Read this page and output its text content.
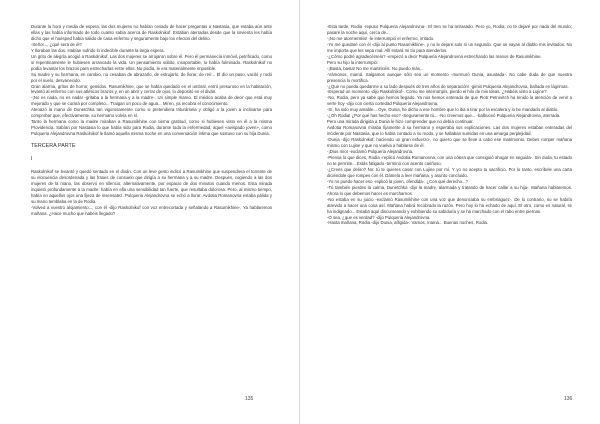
Durante la hora y media de espera, las dos mujeres no habían cesado de hacer preguntas a Nastasia, que estaba aún ante ellas y las había informado de todo cuanto sabía acerca de Raskolnikof. Estaban aterradas desde que la sirvienta les había dicho que el huésped había salido de casa enfermo y seguramente bajo los efectos del delirio.

-Señor..., ¿qué será de él?

Y lloraban las dos. Habían sufrido lo indecible durante la larga espera.

Un grito de alegría acogió a Raskolnikof. Las dos mujeres se arrojaron sobre él. Pero él permanecía inmóvil, petrificado, como si repentinamente le hubiesen arrancado la vida. Un pensamiento súbito, insoportable, lo había fulminado. Raskolnikof no podía levantar los brazos para estrecharlas entre ellos. No podía, le era materialmente imposible.

Su madre y su hermana, en cambio, no cesaban de abrazarlo, de estrujarlo, de llorar, de reír... El dio un paso, vaciló y rodó por el suelo, desvanecido.

Gran alarma, gritos de horror, gemidos. Rasumikhine, que se había quedado en el umbral, entró presuroso en la habitación, levantó al enfermo con sus atléticos brazos y, en un abrir y cerrar de ojos, lo depositó en el diván.

-¡No es nada, no es nada! -gritaba a la hermana y a la madre-. Un simple mareo. El médico acaba de decir que está muy mejorado y que se curará por completo... Traigan un poco de agua... Miren, ya recobra el conocimiento.

Atenazó la mano de Dunetchka tan vigorosamente como si pretendiera triturársela y obligó a la joven a inclinarse para comprobar que, efectivamente, su hermano volvía en sí.

Tanto la hermana como la madre miraban a Rasumikhine con tierna gratitud, como si hubiesen visto en él a la misma Providencia. Sabían por Nastasia lo que había sido para Rodia, durante toda la enfermedad, aquel «avispado joven», como Pulqueria Alejandrovna Raskolnikof le llamó aquella misma noche en una conversación íntima que sostuvo con su hija Dunia.

TERCERA PARTE

I

Raskolnikof se levantó y quedó sentado en el diván. Con un leve gesto indicó a Rasumikhine que suspendiera el torrente de su elocuencia desordenada y las frases de consuelo que dirigía a su hermana y a su madre. Después, cogiendo a las dos mujeres de la mano, las observó en silencio, alternativamente, por espacio de dos minutos cuando menos. Esta mirada inquietó profundamente a la madre: había en ella una sensibilidad tan fuerte, que resultaba dolorosa. Pero, al mismo tiempo, había en aquellos ojos una fijeza de insensatez. Pulqueria Alejandrovna se echó a llorar. Avdotia Romanovna estaba pálida y su mano temblaba en la de Rodia.

-Volved a vuestro alojamiento..., con él -dijo Raskolnikof con voz entrecortada y señalando a Rasumikhine-. Ya hablaremos mañana. ¿Hace mucho que habéis llegado?

135

-Esta tarde, Rodia -repuso Pulqueria Alejandrovna-. El tren se ha retrasado. Pero yo, Rodia: no te dejaré por nada del mundo; pasaré la noche aquí, cerca de...

-¡No me atormentéis! -le interrumpió el enfermo, irritado.

-Yo me quedaré con él -dijo al punto Rasumikhine-, y no le dejaré solo ni un segundo. Que se vayan al diablo mis invitados. No me importa que les sepa mal. Allí estará mi tío para atenderlos.

-¿Cómo podré agradecérselo? -empezó a decir Pulqueria Alejandrovna estrechando las manos de Rasumikhine.

Pero su hijo la interrumpió:

-¡Basta, basta! No me martiricéis. No puedo más...

-Vámonos, mamá. Salgamos aunque sólo sea un momento -murmuró Dunia, asustada-. No cabe duda de que nuestra presencia lo mortifica.

-¿Que no pueda quedarme a su lado después de tres años de separación! -gimió Pulqueria Alejandrovna, bañada en lágrimas.

-Esperad un momento -dijo Raskolnikof-. Como me interrumpís, pierdo el hilo de mis ideas. ¿Habéis visto a Lujine?

-No, Rodia, pero ya sabe que hemos llegado. Ya nos hemos enterado de que Piotr Petrovitch ha tenido la atención de venir a verte hoy -dijo con cierta cortedad Pulqueria Alejandrovna.

-Sí, ha sido muy amable... Oye, Dunia, he dicho a ese hombre que lo iba a tirar por la escalera y lo he mandado al diablo.

-¿Oh Rodia! ¿Por qué has hecho eso? -Seguramente tú... -No creemos que... -balbuceó Pulqueria Alejandrovna, aterrada.

Pero una mirada dirigida a Dunia le hizo comprender que no debía continuar.

Avdotia Romanovna miraba fijamente a su hermano y esperaba sus explicaciones. Las dos mujeres estaban enteradas del incidente por Nastasia, que lo había contado a su modo, y se hallaban sumidas en una amarga perplejidad.

-Dunia -dijo Raskolnikof, haciendo un gran esfuerzo-, no quiero que se lleve a cabo ese matrimonio. Debes romper mañana mismo con Lujine y que no vuelva a hablarse de él.

-¡Dios mío! -exclamó Pulqueria Alejandrovna.

-Piensa lo que dices, Rodia -replicó Avdotia Romanovna, con una cólera que consiguió ahogar en seguida-. Sin duda, tu estado no te permite... Estás fatigado -terminó con acento cariñoso.

-¿Crees que deliro? No: tú te quieres casar con Lujine por mí. Y yo no acepto tu sacrificio. Por lo tanto, escríbele una carta diciéndole que rompes con él. Dámela a leer mañana, y asunto concluido.

-Yo no puedo hacer eso -replicó la joven, ofendida-. ¿Con qué derecho...?

-Tú también pierdes la calma, Dunetchka -dijo la madre, alarmada y tratando de hacer callar a su hija-. Mañana hablaremos. Ahora lo que debemos hacer es marcharnos.

-No estaba en su juicio -exclamó Rasumikhine con una voz que denunciaba su embriaguez-. De lo contrario, no se habría atrevido a hacer una cosa así. Mañana habrá recobrado la razón. Pero hoy lo ha echado de aquí. El otro, como es natural, se ha indignado... Estaba aquí discurseando y exhibiendo su sabiduría y se ha marchado con el rabo entre piernas.

-O sea, ¿que es verdad? -dijo Pulqueria Alejandrovna.

-Hasta mañana, Rodia -dijo Dunia, afligida-. Vamos, mamá... Buenas noches, Rodia.

136
